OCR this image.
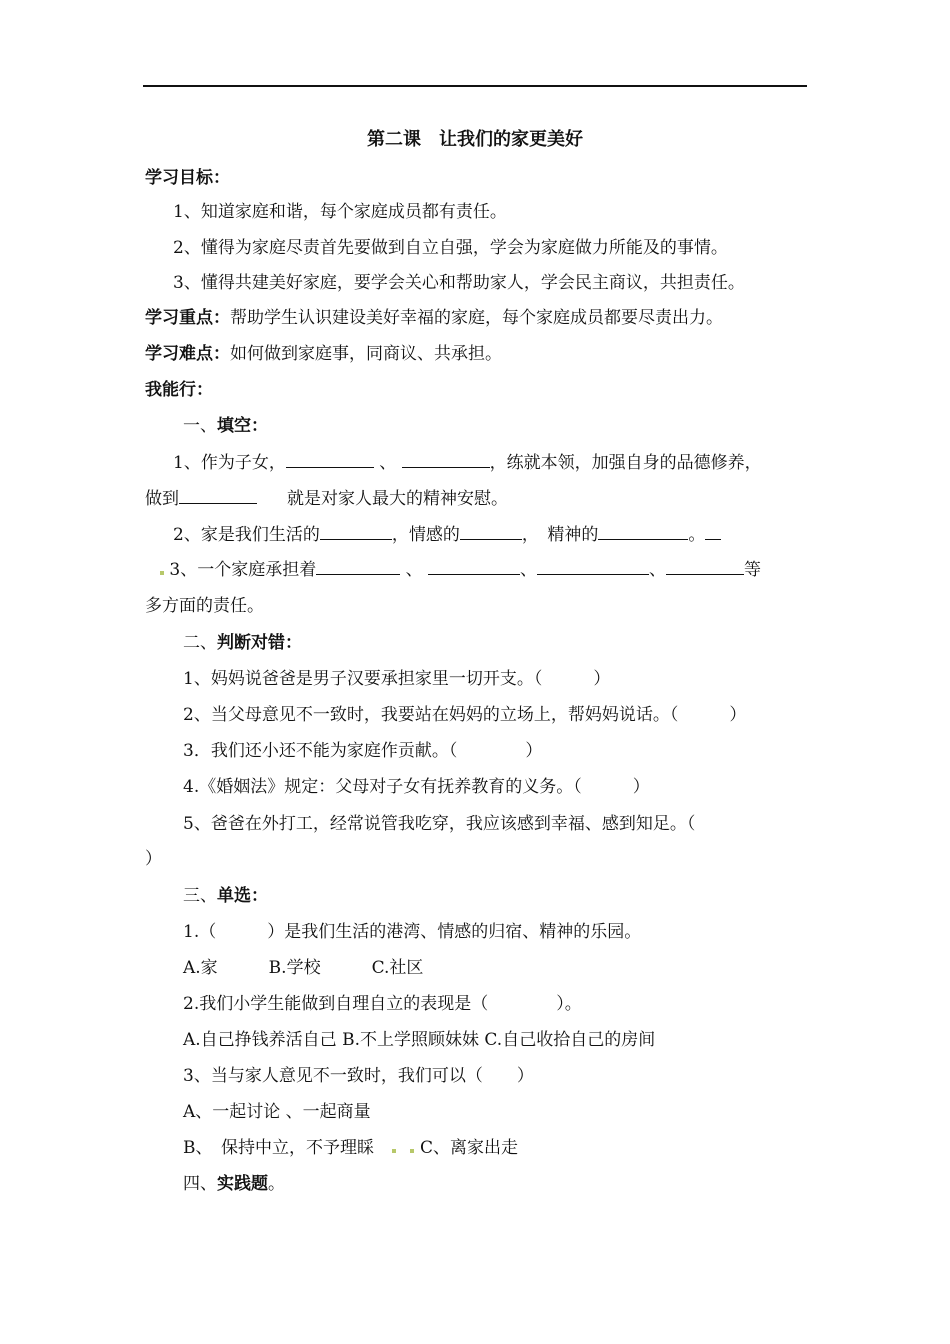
第二课　让我们的家更美好
学习目标：
1、知道家庭和谐，每个家庭成员都有责任。
2、懂得为家庭尽责首先要做到自立自强，学会为家庭做力所能及的事情。
3、懂得共建美好家庭，要学会关心和帮助家人，学会民主商议，共担责任。
学习重点：帮助学生认识建设美好幸福的家庭，每个家庭成员都要尽责出力。
学习难点：如何做到家庭事，同商议、共承担。
我能行：
一、填空：
1、作为子女，	、	，练就本领，加强自身的品德修养，
做到	就是对家人最大的精神安慰。
2、家是我们生活的	，情感的	，　精神的	。
3、一个家庭承担着	、	、	、	等
多方面的责任。
二、判断对错：
1、妈妈说爸爸是男子汉要承担家里一切开支。（　　　）
2、当父母意见不一致时，我要站在妈妈的立场上，帮妈妈说话。（　　　）
3．我们还小还不能为家庭作贡献。（　　　　）
4.《婚姻法》规定：父母对子女有抚养教育的义务。（　　　）
5、爸爸在外打工，经常说管我吃穿，我应该感到幸福、感到知足。（
）
三、单选：
1.（　　　）是我们生活的港湾、情感的归宿、精神的乐园。
A.家　　　B.学校　　　C.社区
2.我们小学生能做到自理自立的表现是（　　　　）。
A.自己挣钱养活自己 B.不上学照顾妹妹 C.自己收拾自己的房间
3、当与家人意见不一致时，我们可以（　　）
A、一起讨论 、一起商量
B、　保持中立，不予理睬	C、离家出走
四、实践题。
